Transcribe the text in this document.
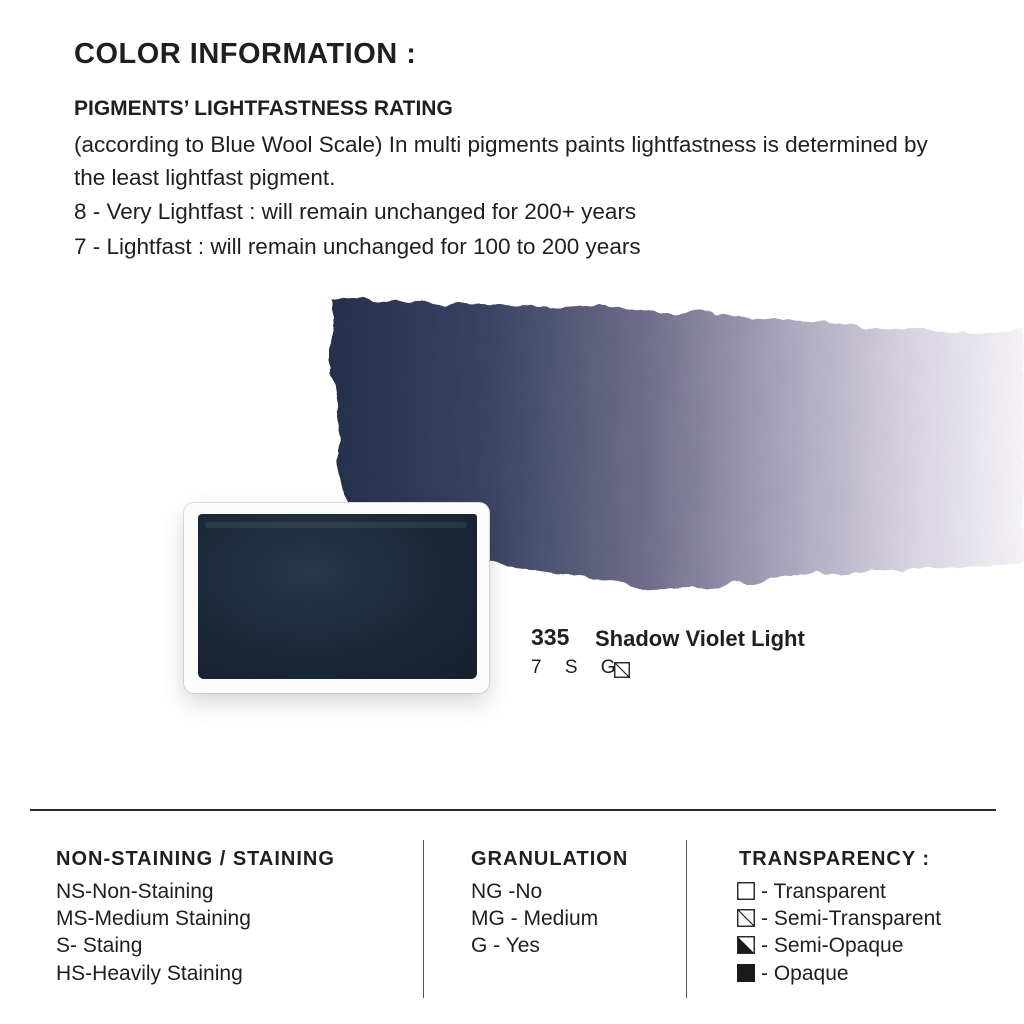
COLOR INFORMATION :
PIGMENTS’ LIGHTFASTNESS RATING
(according to Blue Wool Scale) In multi pigments paints lightfastness is determined by the least lightfast pigment.
8 - Very Lightfast : will remain unchanged for 200+ years
7 - Lightfast : will remain unchanged for 100 to 200 years
335 Shadow Violet Light
7 S G
NON-STAINING / STAINING
NS-Non-Staining
MS-Medium Staining
S- Staing
HS-Heavily Staining
GRANULATION
NG -No
MG - Medium
G - Yes
TRANSPARENCY :
- Transparent
- Semi-Transparent
- Semi-Opaque
- Opaque
